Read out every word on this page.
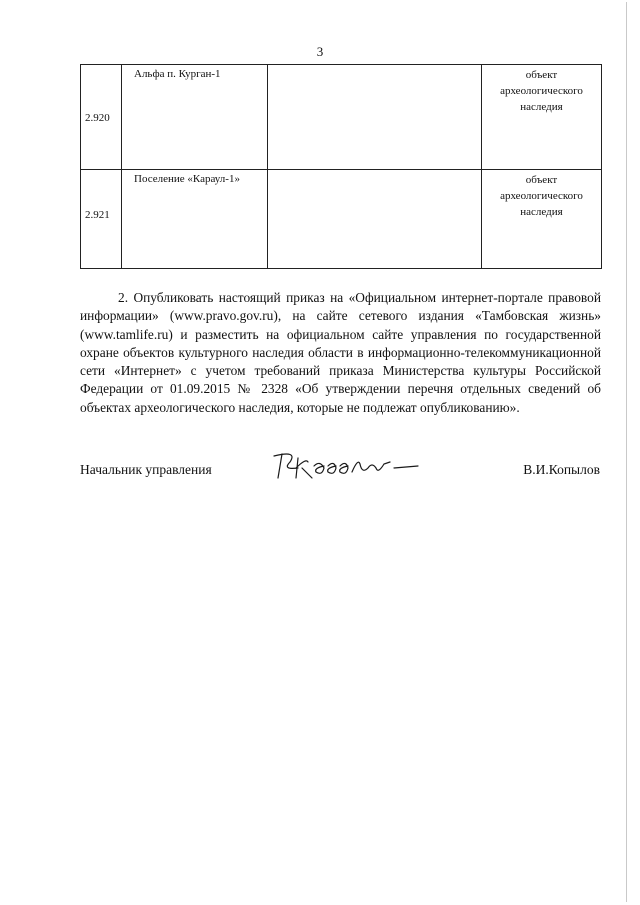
3
2.920	Альфа п. Курган-1		объект
археологического
наследия

2.921	Поселение «Караул-1»		объект
археологического
наследия

2. Опубликовать настоящий приказ на «Официальном интернет-портале правовой информации» (www.pravo.gov.ru), на сайте сетевого издания «Тамбовская жизнь» (www.tamlife.ru) и разместить на официальном сайте управления по государственной охране объектов культурного наследия области в информационно-телекоммуникационной сети «Интернет» с учетом требований приказа Министерства культуры Российской Федерации от 01.09.2015 № 2328 «Об утверждении перечня отдельных сведений об объектах археологического наследия, которые не подлежат опубликованию».

Начальник управления	В.И.Копылов
